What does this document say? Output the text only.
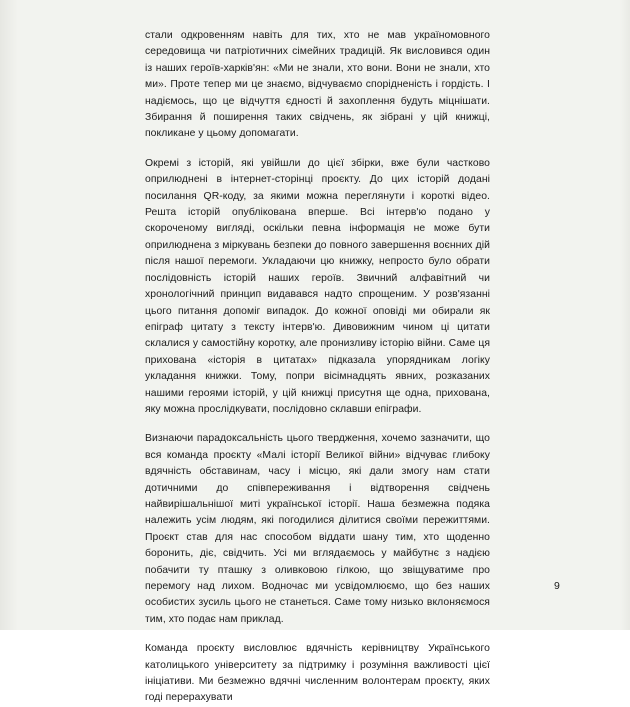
стали одкровенням навіть для тих, хто не мав україномовного середовища чи патріотичних сімейних традицій. Як висловився один із наших героїв-харків'ян: «Ми не знали, хто вони. Вони не знали, хто ми». Проте тепер ми це знаємо, відчуваємо спорідненість і гордість. І надіємось, що це відчуття єдності й захоплення будуть міцнішати. Збирання й поширення таких свідчень, як зібрані у цій книжці, покликане у цьому допомагати.

Окремі з історій, які увійшли до цієї збірки, вже були частково оприлюднені в інтернет-сторінці проєкту. До цих історій додані посилання QR-коду, за якими можна переглянути і короткі відео. Решта історій опублікована вперше. Всі інтерв'ю подано у скороченому вигляді, оскільки певна інформація не може бути оприлюднена з міркувань безпеки до повного завершення воєнних дій після нашої перемоги. Укладаючи цю книжку, непросто було обрати послідовність історій наших героїв. Звичний алфавітний чи хронологічний принцип видавався надто спрощеним. У розв'язанні цього питання допоміг випадок. До кожної оповіді ми обирали як епіграф цитату з тексту інтерв'ю. Дивовижним чином ці цитати склалися у самостійну коротку, але пронизливу історію війни. Саме ця прихована «історія в цитатах» підказала упорядникам логіку укладання книжки. Тому, попри вісімнадцять явних, розказаних нашими героями історій, у цій книжці присутня ще одна, прихована, яку можна прослідкувати, послідовно склавши епіграфи.

Визнаючи парадоксальність цього твердження, хочемо зазначити, що вся команда проєкту «Малі історії Великої війни» відчуває глибоку вдячність обставинам, часу і місцю, які дали змогу нам стати дотичними до співпереживання і відтворення свідчень найвирішальнішої миті української історії. Наша безмежна подяка належить усім людям, які погодилися ділитися своїми пережиттями. Проєкт став для нас способом віддати шану тим, хто щоденно боронить, діє, свідчить. Усі ми вглядаємось у майбутнє з надією побачити ту пташку з оливковою гілкою, що звіщуватиме про перемогу над лихом. Водночас ми усвідомлюємо, що без наших особистих зусиль цього не станеться. Саме тому низько вклоняємося тим, хто подає нам приклад.

Команда проєкту висловлює вдячність керівництву Українського католицького університету за підтримку і розуміння важливості цієї ініціативи. Ми безмежно вдячні численним волонтерам проєкту, яких годі перерахувати

9
